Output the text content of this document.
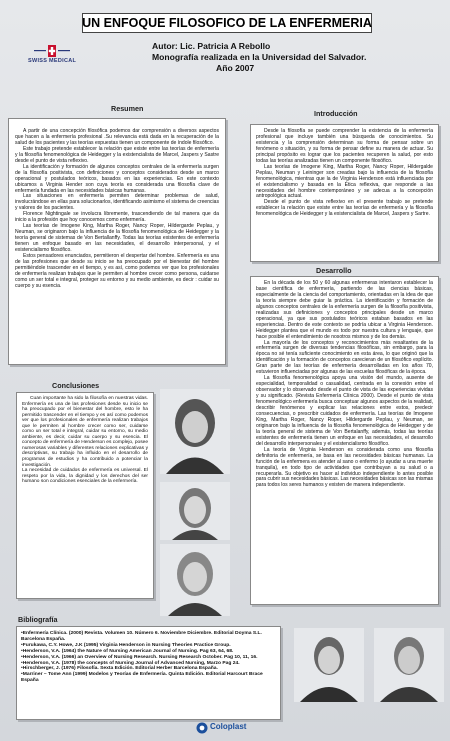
UN ENFOQUE FILOSOFICO DE LA ENFERMERIA
SWISS MEDICAL
Autor: Lic. Patricia A Rebollo
Monografía realizada en la Universidad del Salvador.
Año 2007
Resumen

A partir de una concepción filosófica podemos dar comprensión a diversos aspectos que hacen a la enfermería profesional .Su relevancia está dada en la recuperación de la salud de los pacientes y las teorías expuestas tienen un componente de índole filosófico.

Este trabajo pretende establecer la relación que existe entre las teorías de enfermería y la filosofía fenomenológica de Heidegger y la existencialista de Marcel, Jaspers y Sastre desde el punto de vista reflexivo.

La identificación y formación de algunos conceptos centrales de la enfermería surgen de la filosofía positivista, con definiciones y conceptos considerados desde un marco operacional y postulados teóricos, basados en las experiencias. En este contexto ubicamos a Virginia Hender son cuya teoría es considerada una filosofía clave de enfermería fundada en las necesidades básicas humanas.

Las situaciones en enfermería permiten determinar problemas de salud, involucrándose en ellas para solucionarlos, identificando asimismo el sistema de creencias y valores de los pacientes.

Florence Nightingale se involucra libremente, trascendiendo de tal manera que da inicio a la profesión que hoy conocemos como enfermería.

Las teorías de Imogene King, Martha Roger, Nancy Roper, Hildergarde Peplau, y Neuman, se originaron bajo la influencia de la filosofía fenomenológica de Heidegger y la teoría general de sistemas de Von Bertallanffy. Todas las teorías existentes de enfermería tienen un enfoque basado en las necesidades, el desarrollo interpersonal, y el existencialismo filosófico.

Estos pensadores enunciados, permitieron el despertar del hombre. Enfermería es una de las profesiones que desde su inicio se ha preocupado por el bienestar del hombre permitiéndole trascender en el tiempo, y es así, como podemos ver que los profesionales de enfermería realizan trabajos que le permiten al hombre crecer como persona, cuidarse como un ser total e integral, proteger su entorno y su medio ambiente, es decir : cuidar su cuerpo y su esencia.

Introducción

Desde la filosofía se puede comprender la existencia de la enfermería profesional que incluye también una búsqueda de conocimientos. Su existencia y la comprensión determinan su forma de pensar sobre un fenómeno o situación, y su forma de pensar define su manera de actuar. Su principal propósito es lograr que los pacientes recuperen la salud, por esto todas las teorías analizadas tienen un componente filosófico.

Las teorías de Imogene King, Martha Roger, Nancy Roper, Hildergalde Peplau, Neuman y Leininger son creadas bajo la influencia de la filosofía fenomenológica, mientras que la de Virginia Henderson está influenciada por el existencialismo y basada en la Ética reflexiva, que responde a las necesidades del hombre contemporáneo y se adecua a la concepción antropológica actual.

Desde el punto de vista reflexivo en el presente trabajo se pretende establecer la relación que existe entre las teorías de enfermería y la filosofía fenomenológica de Heidegger y la existencialista de Marcel, Jaspers y Sartre.

Desarrollo

En la década de los 50 y 60 algunas enfermeras intentaron establecer la base científica de enfermería, partiendo de las ciencias básicas, especialmente de la ciencia del comportamiento, orientadas en la idea de que la teoría siempre debe guiar la práctica. La identificación y formación de algunos conceptos centrales de la enfermería surgen de la filosofía positivista, realizadas sus definiciones y conceptos principales desde un marco operacional, ya que sus postulados teóricos estaban basados en las experiencias. Dentro de este contexto se podría ubicar a Virginia Henderson. Heidegger plantea que el mundo es todo por nuestra cultura y lenguaje, que hace posible el entendimiento de nosotros mismos y de los demás.

La mayoría de los conceptos y reconocimientos más resaltantes de la enfermería surgen de diversas tendencias filosóficas, sin embargo, para la época no sé tenía suficiente conocimiento en esta área, lo que originó que la identificación y la formación de conceptos carecieran de un filosófico explícito. Gran parte de las teorías de enfermería desarrolladas en los años 70, estuvieron influenciadas por algunas de las escuelas filosóficas de la época.

La filosofía fenomenológica apoya una visión del mundo, ausente de especialidad, temporalidad o casualidad, centrada en la conexión entre el observador y lo observado desde el punto de vista de las experiencias vividas y su significado. (Revista Enfermería Clínica 2000). Desde el punto de vista fenomenológico enfermería busca conceptuar algunos aspectos de la realidad, describir fenómenos y explicar las relaciones entre estos, predecir consecuencias, o prescribir cuidados de enfermería. Las teorías de Imogene King, Martha Roger, Nancy Roper, Hildergarde Peplau, y Neuman, se originaron bajo la influencia de la filosofía fenomenológica de Heidegger y de la teoría general de sistema de Von Bertalanffy, además, todas las teorías existentes de enfermería tienen un enfoque en las necesidades, el desarrollo del desarrollo interpersonales y el existencialismo filosófico.

La teoría de Virginia Henderson es considerada como una filosofía definitoria de enfermería, se basa en las necesidades básicas humanas. La función de la enfermera es atender al sano o enfermo (o ayudar a una muerte tranquila), en todo tipo de actividades que contribuyan a su salud o a recuperarla. Su objetivo es hacer al individuo independiente lo antes posible para cubrir sus necesidades básicas. Las necesidades básicas son las mismas para todos los seres humanos y existen de manera independiente.

Conclusiones

Cuan importante ha sido la filosofía en nuestras vidas. Enfermería es una de las profesiones desde su inicio se ha preocupado por el bienestar del hombre, esto le ha permitido trascender en el tiempo y es así como podemos ver que los profesionales de enfermería realizan trabajos que le permiten al hombre crecer como ser, cuidarse como un ser total e integral, cuidar su entorno, su medio ambiente, es decir, cuidar su cuerpo y su esencia. El concepto de enfermería de Henderson es complejo, posee numerosas variables y diferentes relaciones explicativas y descriptivas, su trabajo ha influido en el desarrollo de programas de estudios y ha contribuido a potenciar la investigación.

La necesidad de cuidados de enfermería es universal. El respeto por la vida, la dignidad y los derechos del ser humano son condiciones esenciales de la enfermería.

Bibliografía

•Enfermería Clínica. (2000) Revista. Volumen 10. Número 6. Noviembre Diciembre. Editorial Doyma S.L. Barcelona España.

•Furukawa, C.Y. Howe, J.K (1995) Virginia Henderson in Nursing Theories Practice Group.

•Henderson, V.A. (1964) the Nature of Nursing American Journal of Nursing. Pag 63, 64, 68.

•Henderson, V.A. (1966) an Overview of Nursing Research. Nursing Research October. Pag 10, 11, 16.

•Henderson, V.A. (1978) the concepts of Nursing Journal of Advanced Nursing, Marzo Pag 24.

•Hirschberger, J. (1976) Filosofía. Sexta Edición. Editorial Herber Barcelona España.

•Marriner – Tome Ann (1999) Modelos y Teorías de Enfermería. Quinta Edición. Editorial Harcourt Brace España

Coloplast
